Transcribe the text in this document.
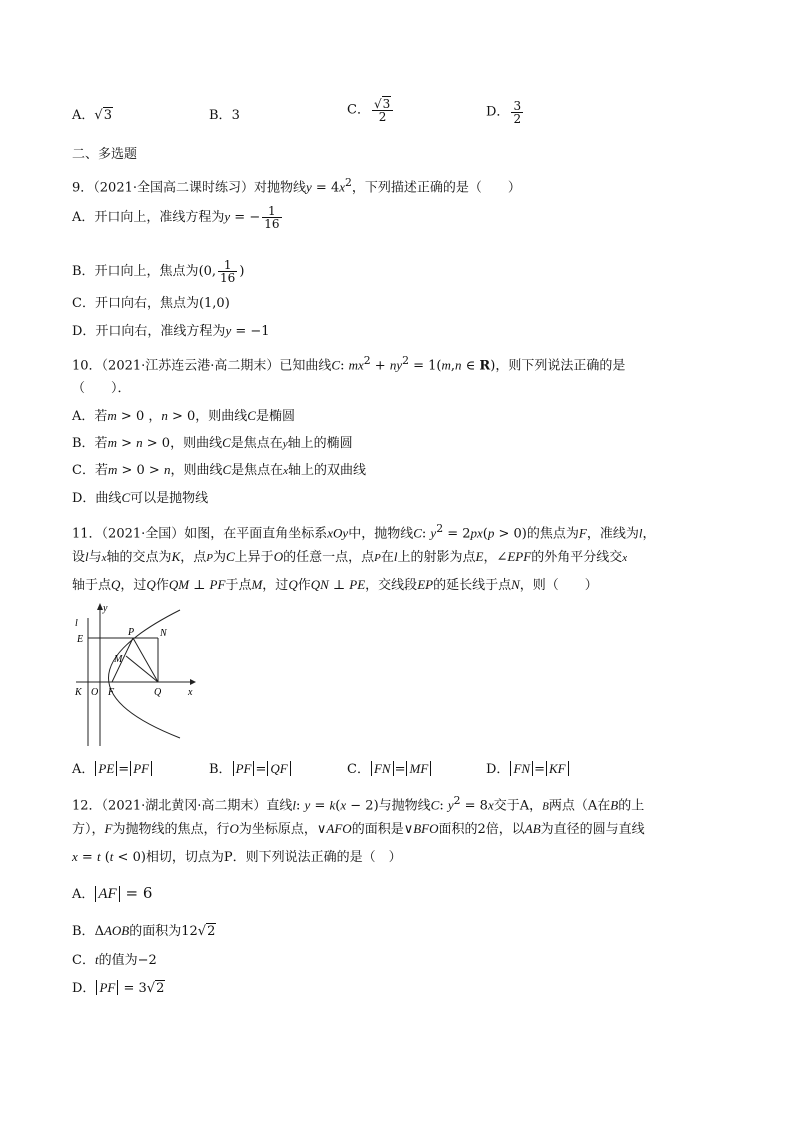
A．√3	B．3	C． $\frac{√3}{2}$	D． $\frac{3}{2}$
二、多选题
9．（2021·全国高二课时练习）对抛物线$y = 4x^2$，下列描述正确的是（　　）
A．开口向上，准线方程为y = − $\frac{1}{16}$
B．开口向上，焦点为(0, $\frac{1}{16}$ )
C．开口向右，焦点为(1,0)
D．开口向右，准线方程为y = −1
10．（2021·江苏连云港·高二期末）已知曲线C: $mx^2 + ny^2 = 1(m,n$ ∈ R)，则下列说法正确的是
（　　）．
A．若m > 0 ，n > 0，则曲线C是椭圆
B．若m > n > 0，则曲线C是焦点在y轴上的椭圆
C．若m > 0 > n，则曲线C是焦点在x轴上的双曲线
D．曲线C可以是抛物线
11．（2021·全国）如图，在平面直角坐标系xOy中，抛物线C: $y^2 = 2px(p > 0)$的焦点为F，准线为l，
设l与x轴的交点为K，点P为C上异于O的任意一点，点P在l上的射影为点E，∠EPF的外角平分线交x
轴于点Q，过Q作QM ⊥ PF于点M，过Q作QN ⊥ PE，交线段EP的延长线于点N，则（　　）
l
y
x
E
P	N
M
K O F	Q
A． PE = PF	B． PF = QF	C． FN = MF	D． FN = KF
12．（2021·湖北黄冈·高二期末）直线l: y = k(x − 2)与抛物线C: $y^2 = 8x$交于A，B两点（A在B的上
方），F为抛物线的焦点，行O为坐标原点，∨AFO的面积是∨BFO面积的2倍，以AB为直径的圆与直线
x = t (t < 0)相切，切点为P．则下列说法正确的是（　）
A． AF = 6
B．ΔAOB的面积为12√2
C．t的值为−2
D． PF = 3√2
